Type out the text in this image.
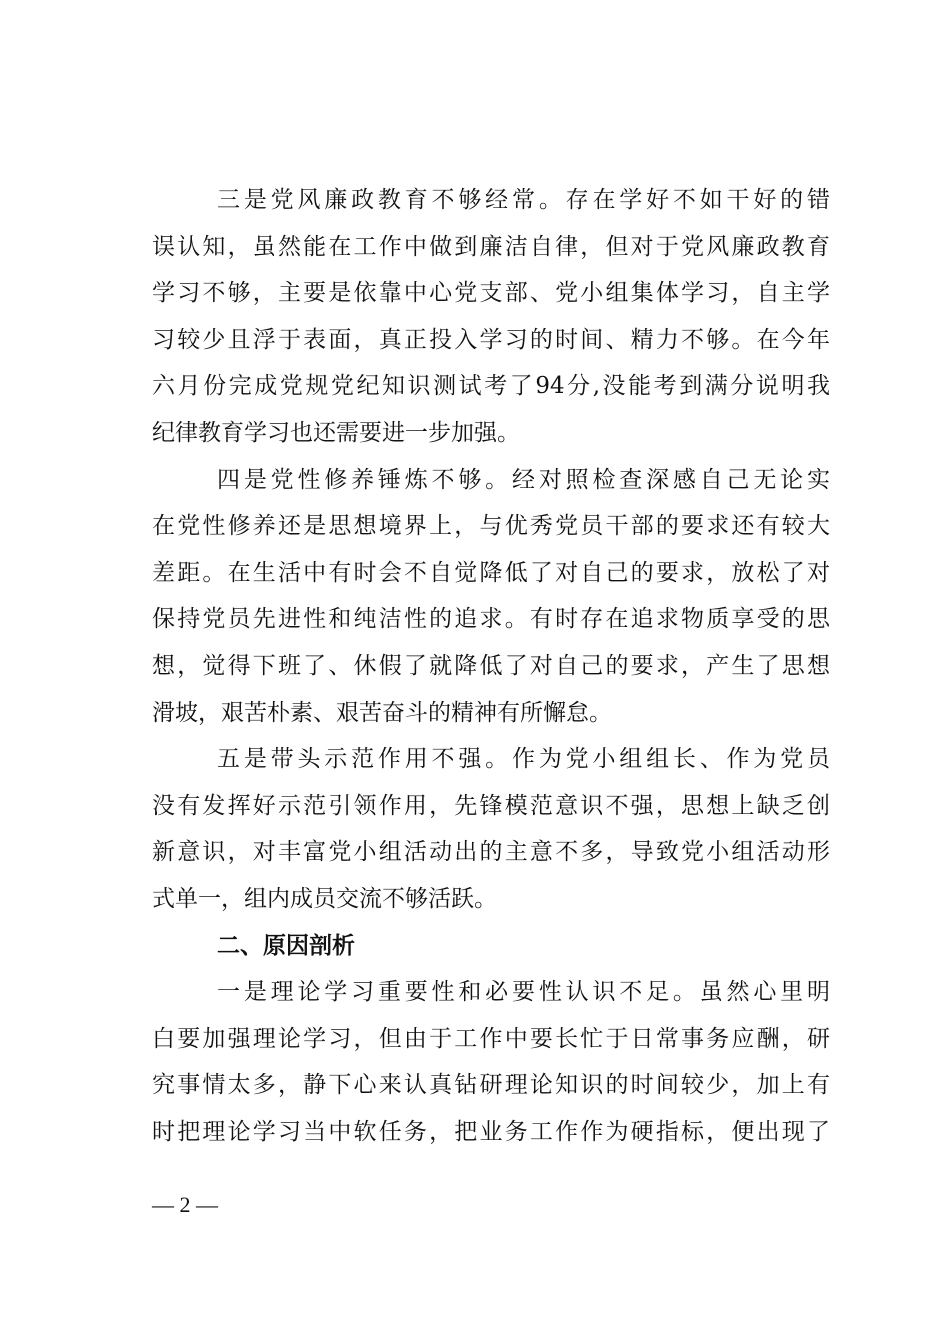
三是党风廉政教育不够经常。存在学好不如干好的错
误认知，虽然能在工作中做到廉洁自律，但对于党风廉政教育
学习不够，主要是依靠中心党支部、党小组集体学习，自主学
习较少且浮于表面，真正投入学习的时间、精力不够。在今年
六月份完成党规党纪知识测试考了94分,没能考到满分说明我
纪律教育学习也还需要进一步加强。
四是党性修养锤炼不够。经对照检查深感自己无论实
在党性修养还是思想境界上，与优秀党员干部的要求还有较大
差距。在生活中有时会不自觉降低了对自己的要求，放松了对
保持党员先进性和纯洁性的追求。有时存在追求物质享受的思
想，觉得下班了、休假了就降低了对自己的要求，产生了思想
滑坡，艰苦朴素、艰苦奋斗的精神有所懈怠。
五是带头示范作用不强。作为党小组组长、作为党员
没有发挥好示范引领作用，先锋模范意识不强，思想上缺乏创
新意识，对丰富党小组活动出的主意不多，导致党小组活动形
式单一，组内成员交流不够活跃。
二、原因剖析
一是理论学习重要性和必要性认识不足。虽然心里明
白要加强理论学习，但由于工作中要长忙于日常事务应酬，研
究事情太多，静下心来认真钻研理论知识的时间较少，加上有
时把理论学习当中软任务，把业务工作作为硬指标，便出现了
— 2 —
